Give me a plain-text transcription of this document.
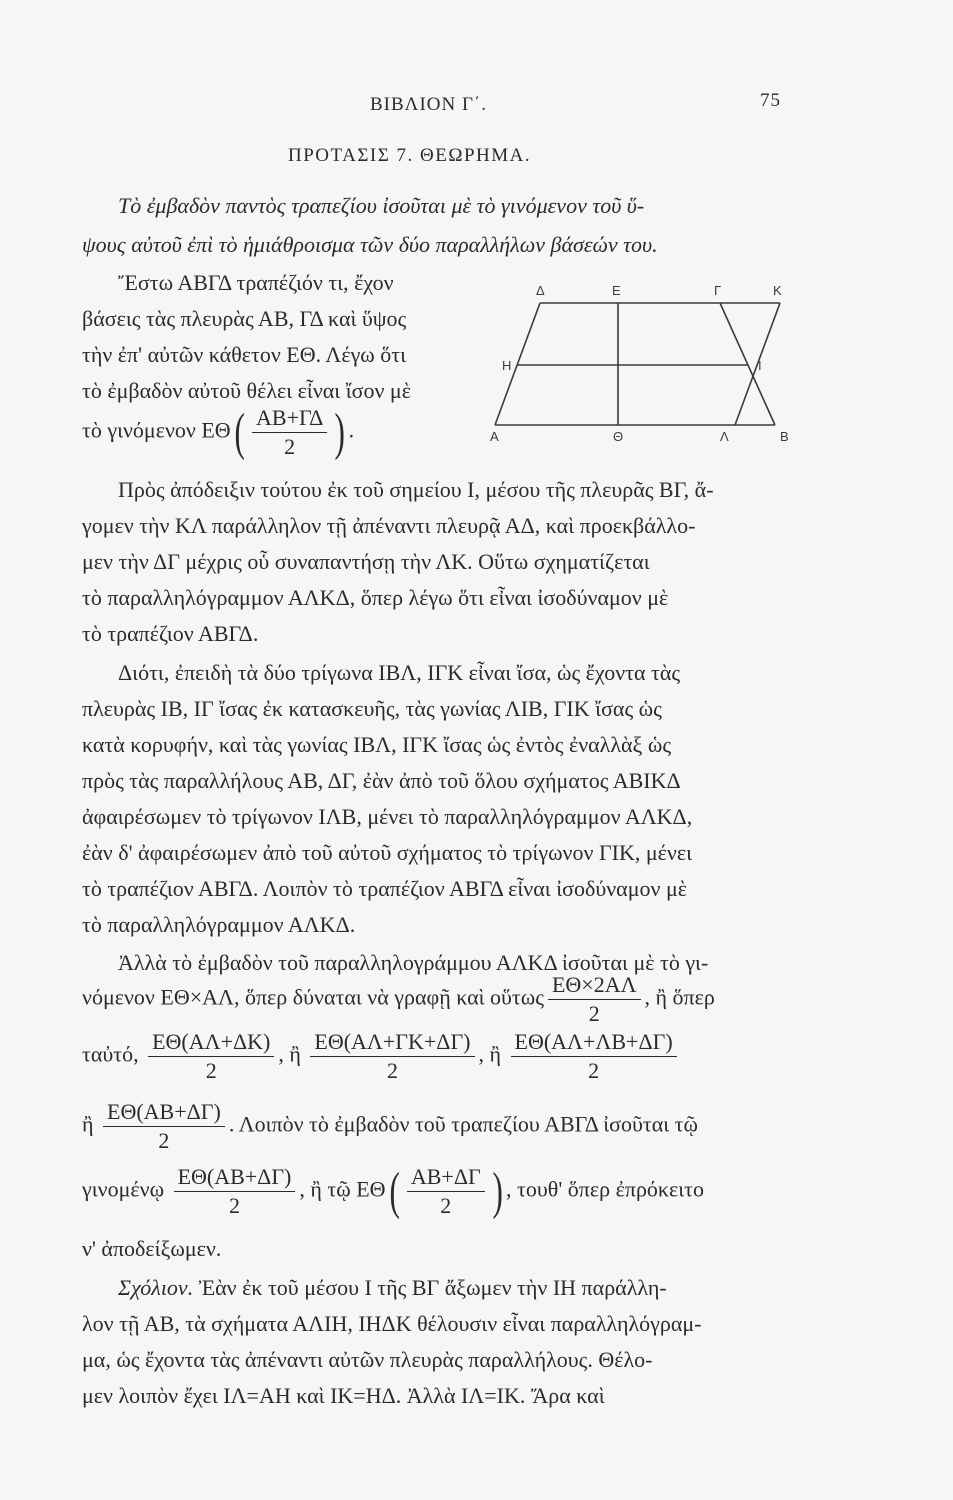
ΒΙΒΛΙΟΝ Γ΄.	75
ΠΡΟΤΑΣΙΣ 7. ΘΕΩΡΗΜΑ.
Τὸ ἐμβαδὸν παντὸς τραπεζίου ἰσοῦται μὲ τὸ γινόμενον τοῦ ὕ-
ψους αὐτοῦ ἐπὶ τὸ ἡμιάθροισμα τῶν δύο παραλλήλων βάσεών του.
Ἔστω ΑΒΓΔ τραπέζιόν τι, ἔχον
βάσεις τὰς πλευρὰς ΑΒ, ΓΔ καὶ ὕψος
τὴν ἐπ' αὐτῶν κάθετον ΕΘ. Λέγω ὅτι
τὸ ἐμβαδὸν αὐτοῦ θέλει εἶναι ἴσον μὲ
τὸ γινόμενον $E\Theta( \frac{AB+\Gamma\Delta}{2}$ ) .
Δ	Ε	Γ	Κ
Η	Ι
Α	Θ	Λ	Β
Πρὸς ἀπόδειξιν τούτου ἐκ τοῦ σημείου Ι, μέσου τῆς πλευρᾶς ΒΓ, ἄ-
γομεν τὴν ΚΛ παράλληλον τῇ ἀπέναντι πλευρᾷ ΑΔ, καὶ προεκβάλλο-
μεν τὴν ΔΓ μέχρις οὗ συναπαντήσῃ τὴν ΛΚ. Οὕτω σχηματίζεται
τὸ παραλληλόγραμμον ΑΛΚΔ, ὅπερ λέγω ὅτι εἶναι ἰσοδύναμον μὲ
τὸ τραπέζιον ΑΒΓΔ.
Διότι, ἐπειδὴ τὰ δύο τρίγωνα ΙΒΛ, ΙΓΚ εἶναι ἴσα, ὡς ἔχοντα τὰς
πλευρὰς ΙΒ, ΙΓ ἴσας ἐκ κατασκευῆς, τὰς γωνίας ΛΙΒ, ΓΙΚ ἴσας ὡς
κατὰ κορυφήν, καὶ τὰς γωνίας ΙΒΛ, ΙΓΚ ἴσας ὡς ἐντὸς ἐναλλὰξ ὡς
πρὸς τὰς παραλλήλους ΑΒ, ΔΓ, ἐὰν ἀπὸ τοῦ ὅλου σχήματος ΑΒΙΚΔ
ἀφαιρέσωμεν τὸ τρίγωνον ΙΛΒ, μένει τὸ παραλληλόγραμμον ΑΛΚΔ,
ἐὰν δ' ἀφαιρέσωμεν ἀπὸ τοῦ αὐτοῦ σχήματος τὸ τρίγωνον ΓΙΚ, μένει
τὸ τραπέζιον ΑΒΓΔ. Λοιπὸν τὸ τραπέζιον ΑΒΓΔ εἶναι ἰσοδύναμον μὲ
τὸ παραλληλόγραμμον ΑΛΚΔ.
Ἀλλὰ τὸ ἐμβαδὸν τοῦ παραλληλογράμμου ΑΛΚΔ ἰσοῦται μὲ τὸ γι-
νόμενον ΕΘ×ΑΛ, ὅπερ δύναται νὰ γραφῇ καὶ οὕτως $\frac{E\Theta\times 2A\Lambda}{2}$ , ἢ ὅπερ
ταὐτό, $\frac{E\Theta(A\Lambda+\Delta K)}{2}$ , ἢ $\frac{E\Theta(A\Lambda+\Gamma K+\Delta\Gamma)}{2}$ , ἢ $\frac{E\Theta(A\Lambda+\Lambda B+\Delta\Gamma)}{2}$
ἢ $\frac{E\Theta(AB+\Delta\Gamma)}{2}$ . Λοιπὸν τὸ ἐμβαδὸν τοῦ τραπεζίου ΑΒΓΔ ἰσοῦται τῷ
γινομένῳ $\frac{E\Theta(AB+\Delta\Gamma)}{2}$ , ἢ τῷ $E\Theta( \frac{AB+\Delta\Gamma}{2}$ ) , τουθ' ὅπερ ἐπρόκειτο
ν' ἀποδείξωμεν.
Σχόλιον. Ἐὰν ἐκ τοῦ μέσου Ι τῆς ΒΓ ἄξωμεν τὴν ΙΗ παράλλη-
λον τῇ ΑΒ, τὰ σχήματα ΑΛΙΗ, ΙΗΔΚ θέλουσιν εἶναι παραλληλόγραμ-
μα, ὡς ἔχοντα τὰς ἀπέναντι αὐτῶν πλευρὰς παραλλήλους. Θέλο-
μεν λοιπὸν ἔχει ΙΛ=ΑΗ καὶ ΙΚ=ΗΔ. Ἀλλὰ ΙΛ=ΙΚ. Ἄρα καὶ
